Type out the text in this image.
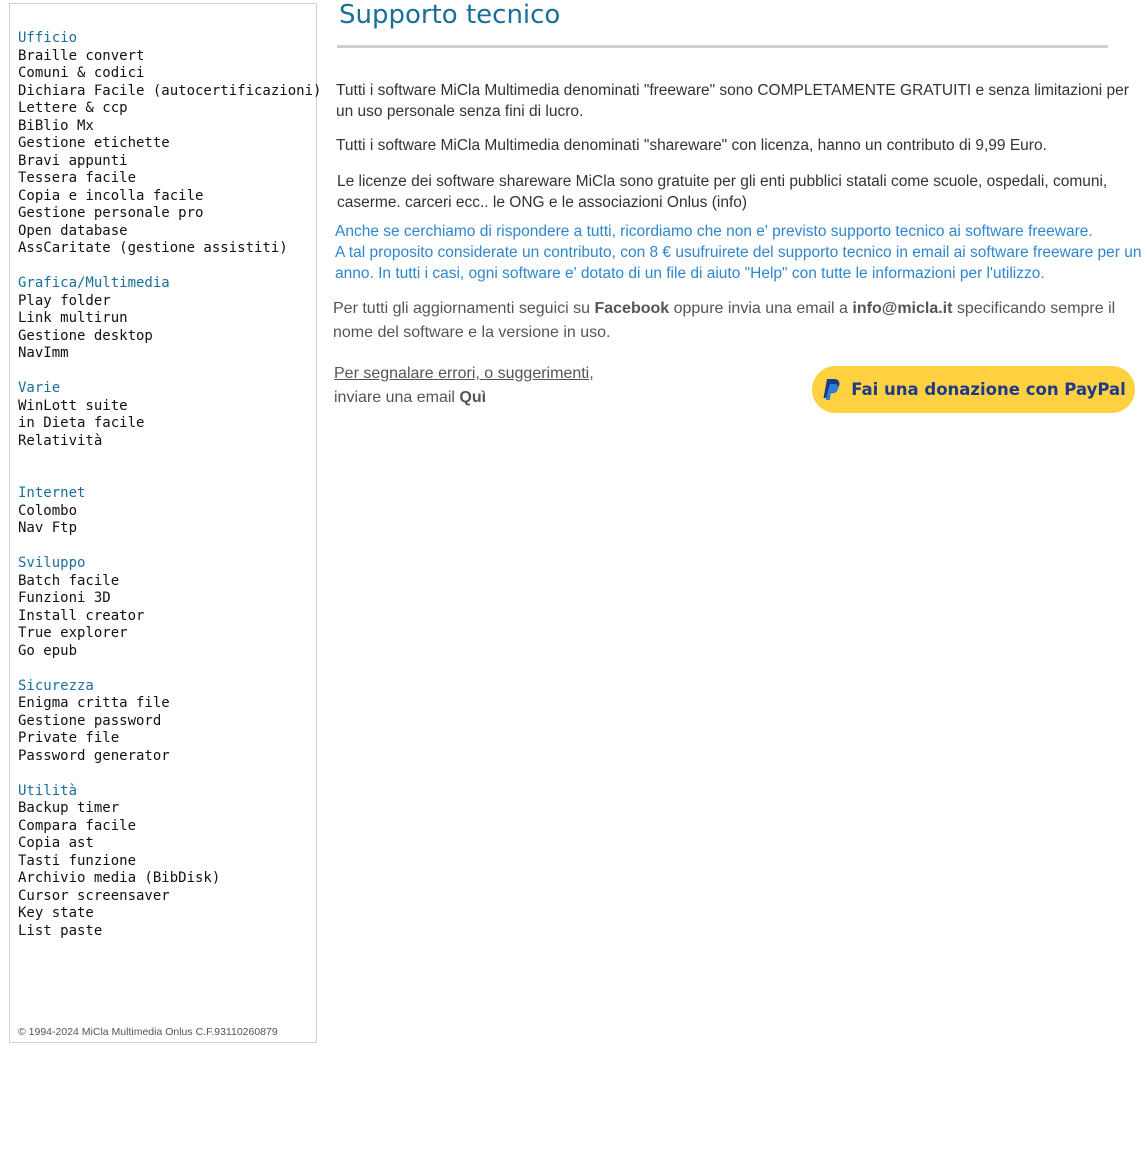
Ufficio
Braille convert
Comuni & codici
Dichiara Facile (autocertificazioni)
Lettere & ccp
BiBlio Mx
Gestione etichette
Bravi appunti
Tessera facile
Copia e incolla facile
Gestione personale pro
Open database
AssCaritate (gestione assistiti)
Grafica/Multimedia
Play folder
Link multirun
Gestione desktop
NavImm
Varie
WinLott suite
in Dieta facile
Relatività
Internet
Colombo
Nav Ftp
Sviluppo
Batch facile
Funzioni 3D
Install creator
True explorer
Go epub
Sicurezza
Enigma critta file
Gestione password
Private file
Password generator
Utilità
Backup timer
Compara facile
Copia ast
Tasti funzione
Archivio media (BibDisk)
Cursor screensaver
Key state
List paste
© 1994-2024 MiCla Multimedia Onlus C.F.93110260879
Supporto tecnico

Tutti i software MiCla Multimedia denominati "freeware" sono COMPLETAMENTE GRATUITI e senza limitazioni per un uso personale senza fini di lucro.

Tutti i software MiCla Multimedia denominati "shareware" con licenza, hanno un contributo di 9,99 Euro.

Le licenze dei software shareware MiCla sono gratuite per gli enti pubblici statali come scuole, ospedali, comuni, caserme. carceri ecc.. le ONG e le associazioni Onlus (info)

Anche se cerchiamo di rispondere a tutti, ricordiamo che non e' previsto supporto tecnico ai software freeware.
A tal proposito considerate un contributo, con 8 € usufruirete del supporto tecnico in email ai software freeware per un anno. In tutti i casi, ogni software e' dotato di un file di aiuto "Help" con tutte le informazioni per l'utilizzo.

Per tutti gli aggiornamenti seguici su Facebook oppure invia una email a info@micla.it specificando sempre il nome del software e la versione in uso.

Per segnalare errori, o suggerimenti,
inviare una email Quì	Fai una donazione con PayPal
